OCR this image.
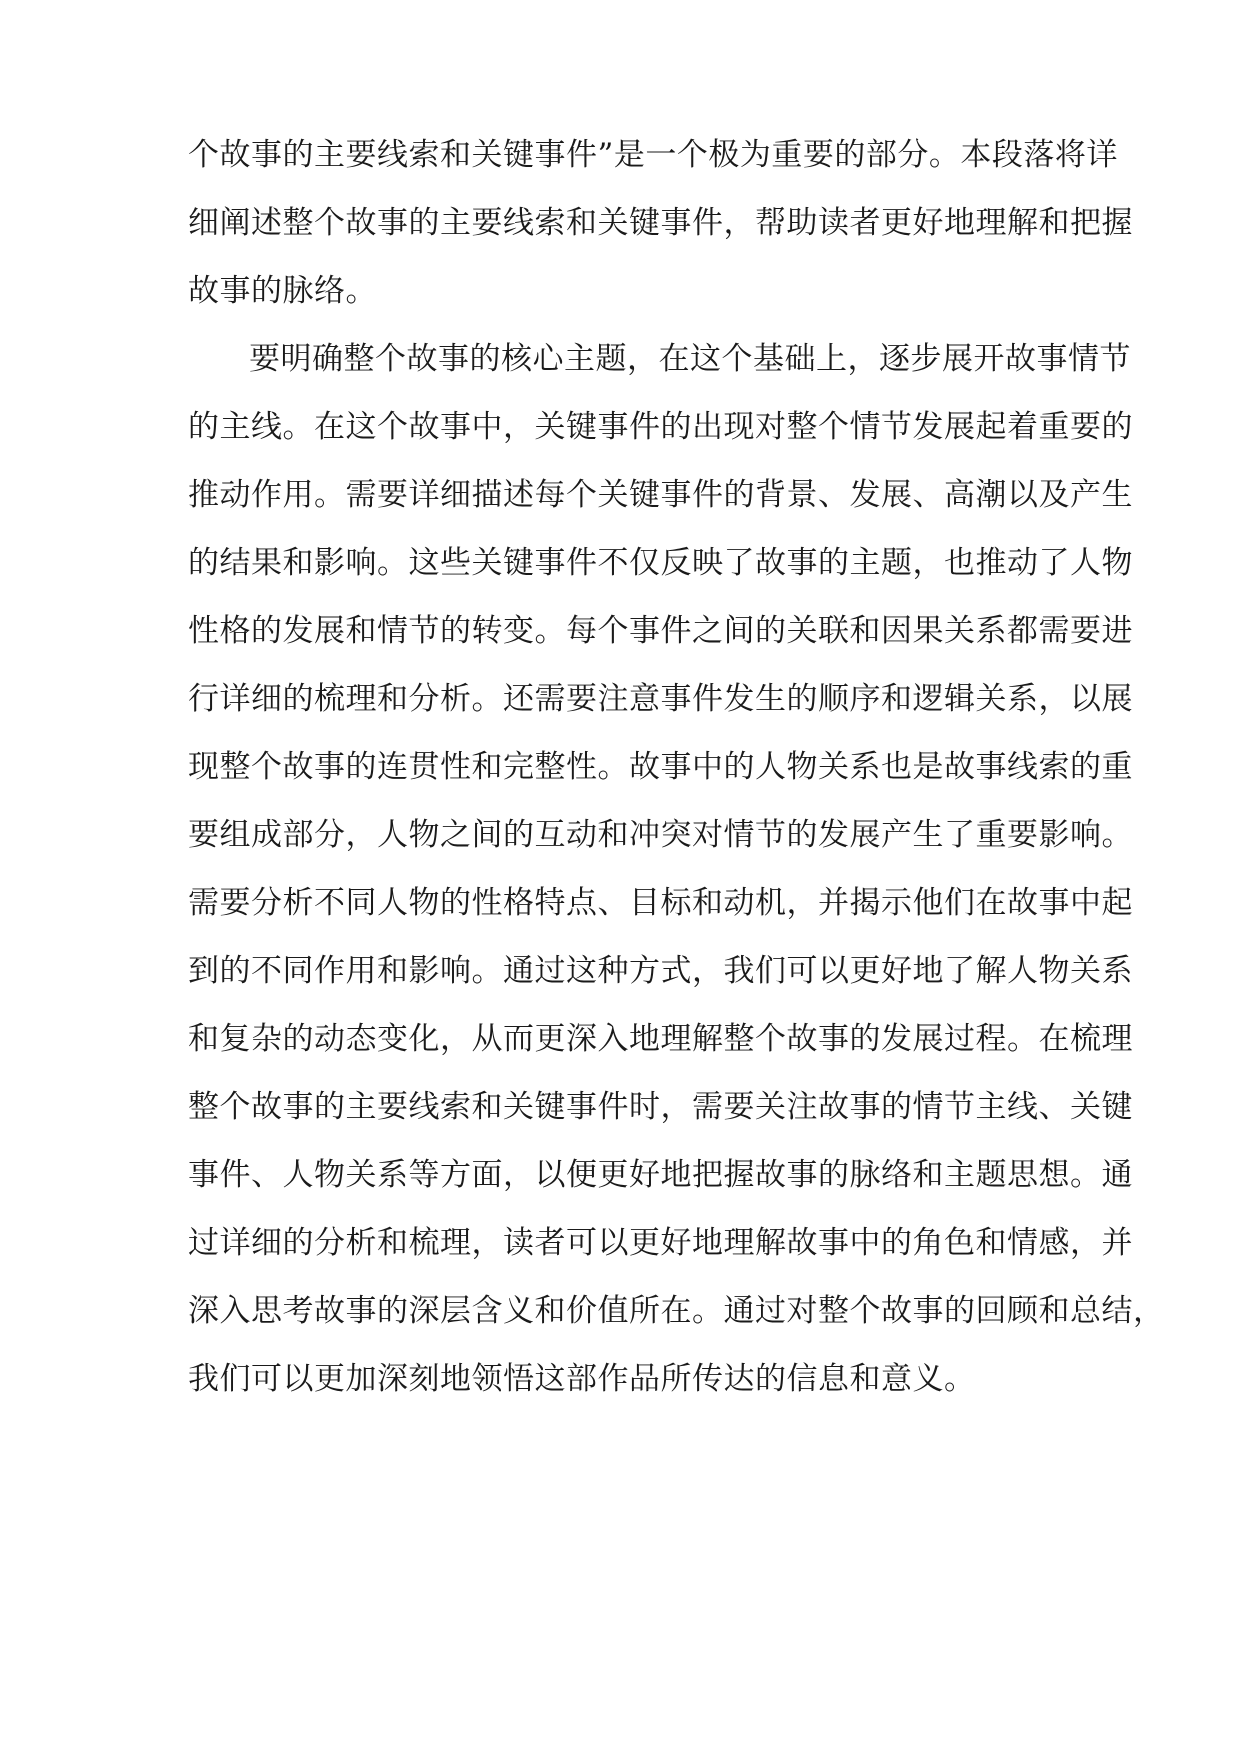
个故事的主要线索和关键事件”是一个极为重要的部分。本段落将详
细阐述整个故事的主要线索和关键事件，帮助读者更好地理解和把握
故事的脉络。
要明确整个故事的核心主题，在这个基础上，逐步展开故事情节
的主线。在这个故事中，关键事件的出现对整个情节发展起着重要的
推动作用。需要详细描述每个关键事件的背景、发展、高潮以及产生
的结果和影响。这些关键事件不仅反映了故事的主题，也推动了人物
性格的发展和情节的转变。每个事件之间的关联和因果关系都需要进
行详细的梳理和分析。还需要注意事件发生的顺序和逻辑关系，以展
现整个故事的连贯性和完整性。故事中的人物关系也是故事线索的重
要组成部分，人物之间的互动和冲突对情节的发展产生了重要影响。
需要分析不同人物的性格特点、目标和动机，并揭示他们在故事中起
到的不同作用和影响。通过这种方式，我们可以更好地了解人物关系
和复杂的动态变化，从而更深入地理解整个故事的发展过程。在梳理
整个故事的主要线索和关键事件时，需要关注故事的情节主线、关键
事件、人物关系等方面，以便更好地把握故事的脉络和主题思想。通
过详细的分析和梳理，读者可以更好地理解故事中的角色和情感，并
深入思考故事的深层含义和价值所在。通过对整个故事的回顾和总结，
我们可以更加深刻地领悟这部作品所传达的信息和意义。
